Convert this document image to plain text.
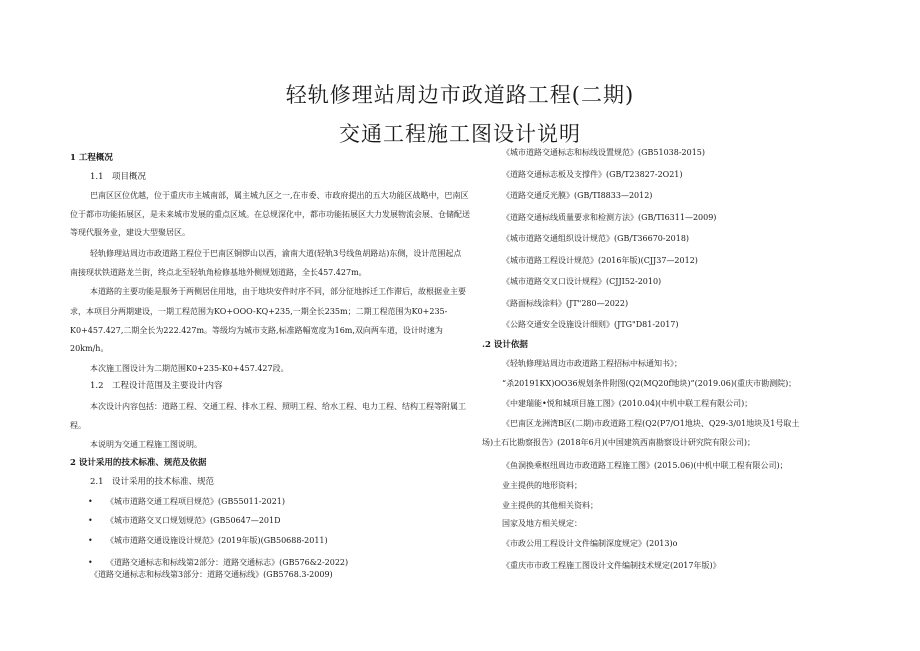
轻轨修理站周边市政道路工程(二期)
交通工程施工图设计说明
1 工程概况
1.1　项目概况
巴南区区位优越，位于重庆市主城南部，属主城九区之一,在市委、市政府提出的五大功能区战略中，巴南区
位于都市功能拓展区，是未来城市发展的重点区域。在总规深化中，都市功能拓展区大力发展物流会展、仓储配送
等现代服务业，建设大型聚居区。
轻轨修理站周边市政道路工程位于巴南区铜锣山以西，渝南大道(轻轨3号线鱼胡路站)东侧，设计范围起点
南接现状铁道路龙兰街，终点北至轻轨角检修基地外侧规划道路，全长457.427m。
本道路的主要功能是服务于两侧居住用地，由于地块安件时序不同，部分征地拆迁工作滞后，故根据业主要
求，本项目分两期建设，一期工程范围为KO+OOO-KQ+235,一期全长235m；二期工程范围为K0+235-
K0+457.427,二期全长为222.427m。等级均为城市支路,标准路幅宽度为16m,双向两车道，设计时速为
20km/h。
本次施工图设计为二期范围K0+235-K0+457.427段。
1.2　工程设计范围及主要设计内容
本次设计内容包括：道路工程、交通工程、排水工程、照明工程、给水工程、电力工程、结构工程等附属工
程。
本说明为交通工程施工图说明。
2 设计采用的技术标准、规范及依据
2.1　设计采用的技术标准、规范
• 《城市道路交通工程项目规范》(GB55011-2021)
• 《城市道路交叉口规划规范》(GB50647—201D
• 《城市道路交通设施设计规范》(2019年版)(GB50688-2011)
• 《道路交通标志和标线第2部分：道路交通标志》(GB576&2-2022)
《道路交通标志和标线第3部分：道路交通标线》(GB5768.3-2009)
《城市道路交通标志和标线设置规范》(GB51038-2015)
《道路交通标志板及支撑件》(GB/T23827-2O21)
《道路交通反光膜》(GB/TI8833—2012)
《道路交通标线质量要求和检测方法》(GB/TI6311—2009)
《城市道路交通组织设计规范》(GB/T36670-2018)
《城市道路工程设计规范》(2016年版)(CJJ37—2012)
《城市道路交叉口设计规程》(CJJI52-2010)
《路面标线涂料》(JT"280—2022)
《公路交通安全设施设计细则》(JTG"D81-2017)
.2 设计依据
《轻轨修理站周边市政道路工程招标中标通知书》；
“杀20191KX)OO36规划条件附图(Q2(MQ20f地块)”(2019.06)(重庆市勘测院)；
《中建瑞能•悦和城项目施工图》(2010.04)(中机中联工程有限公司)；
《巴南区龙洲湾B区(二期)市政道路工程(Q2(P7/O1地块、Q29-3/01地块及1号取土
场)土石比勘察报告》(2018年6月)(中国建筑西南勘察设计研究院有限公司)；
《鱼洞换乘枢纽周边市政道路工程施工图》(2015.06)(中机中联工程有限公司)；
业主提供的地形资料；
业主提供的其他相关资料；
国家及地方相关规定：
《市政公用工程设计文件编制深度规定》(2013)o
《重庆市市政工程施工图设计文件编制技术规定(2017年版)》
